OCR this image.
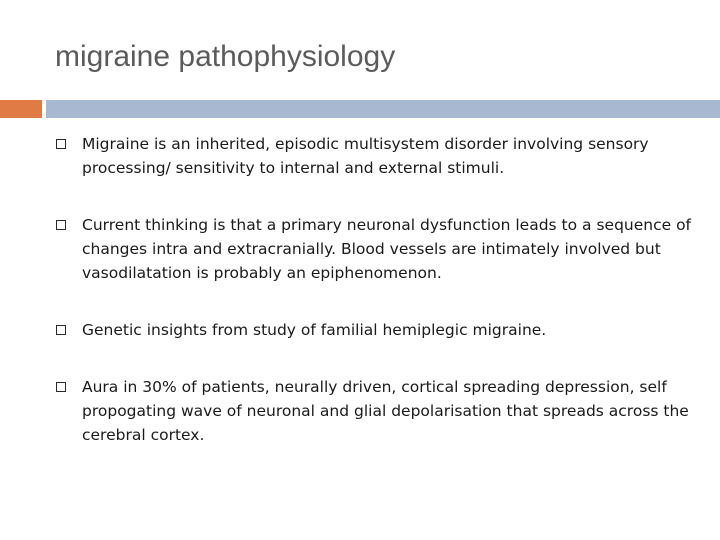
migraine pathophysiology
Migraine is an inherited, episodic multisystem disorder involving sensory processing/ sensitivity to internal and external stimuli.
Current thinking is that a primary neuronal dysfunction leads to a sequence of changes intra and extracranially. Blood vessels are intimately involved but vasodilatation is probably an epiphenomenon.
Genetic insights from study of familial hemiplegic migraine.
Aura in 30% of patients, neurally driven, cortical spreading depression, self propogating wave of neuronal and glial depolarisation that spreads across the cerebral cortex.
